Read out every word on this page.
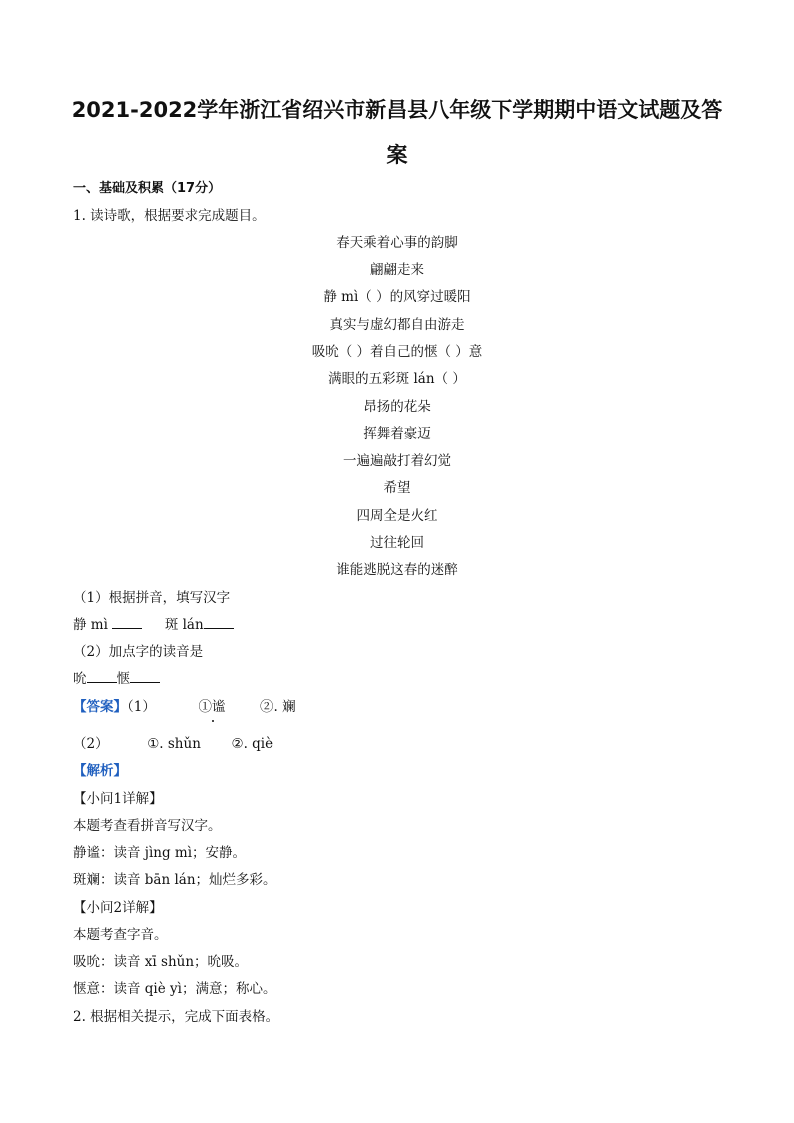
2021-2022学年浙江省绍兴市新昌县八年级下学期期中语文试题及答
案
一、基础及积累（17分）
1. 读诗歌，根据要求完成题目。
春天乘着心事的韵脚
翩翩走来
静 mì（ ）的风穿过暖阳
真实与虚幻都自由游走
吸吮（ ）着自己的惬（ ）意
满眼的五彩斑 lán（ ）
昂扬的花朵
挥舞着豪迈
一遍遍敲打着幻觉
希望
四周全是火红
过往轮回
谁能逃脱这春的迷醉
（1）根据拼音，填写汉字
静 mì	斑 lán
（2）加点字的读音是
吮 惬
【答案】（1）	①谧	②. 斓
（2）	①. shǔn ②. qiè
【解析】
【小问1详解】
本题考查看拼音写汉字。
静谧：读音 jìng mì；安静。
斑斓：读音 bān lán；灿烂多彩。
【小问2详解】
本题考查字音。
吸吮：读音 xī shǔn；吮吸。
惬意：读音 qiè yì；满意；称心。
2. 根据相关提示，完成下面表格。
